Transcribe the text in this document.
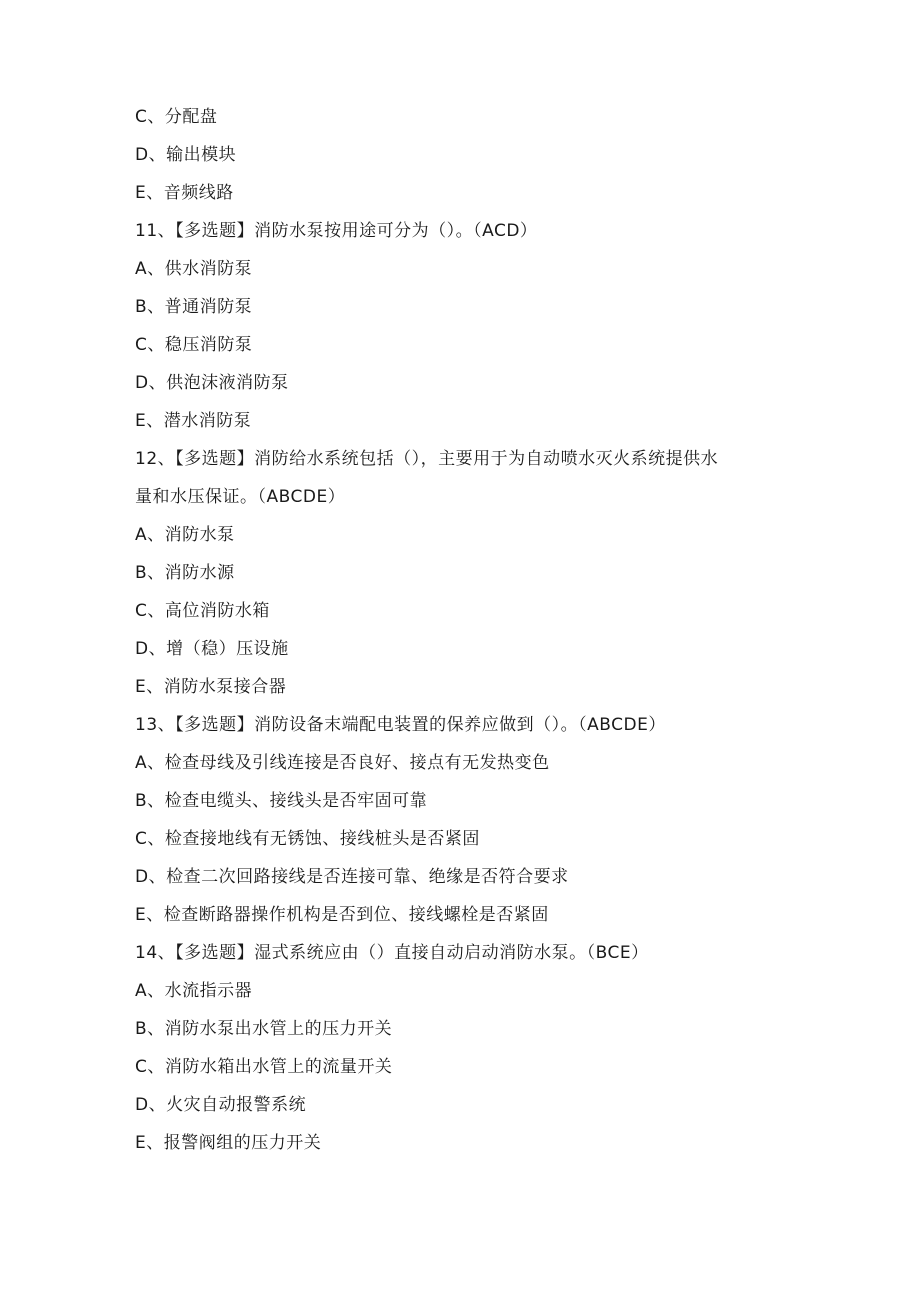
C、分配盘
D、输出模块
E、音频线路
11、【多选题】消防水泵按用途可分为（）。（ACD）
A、供水消防泵
B、普通消防泵
C、稳压消防泵
D、供泡沫液消防泵
E、潜水消防泵
12、【多选题】消防给水系统包括（），主要用于为自动喷水灭火系统提供水
量和水压保证。（ABCDE）
A、消防水泵
B、消防水源
C、高位消防水箱
D、增（稳）压设施
E、消防水泵接合器
13、【多选题】消防设备末端配电装置的保养应做到（）。（ABCDE）
A、检查母线及引线连接是否良好、接点有无发热变色
B、检查电缆头、接线头是否牢固可靠
C、检查接地线有无锈蚀、接线桩头是否紧固
D、检查二次回路接线是否连接可靠、绝缘是否符合要求
E、检查断路器操作机构是否到位、接线螺栓是否紧固
14、【多选题】湿式系统应由（）直接自动启动消防水泵。（BCE）
A、水流指示器
B、消防水泵出水管上的压力开关
C、消防水箱出水管上的流量开关
D、火灾自动报警系统
E、报警阀组的压力开关
